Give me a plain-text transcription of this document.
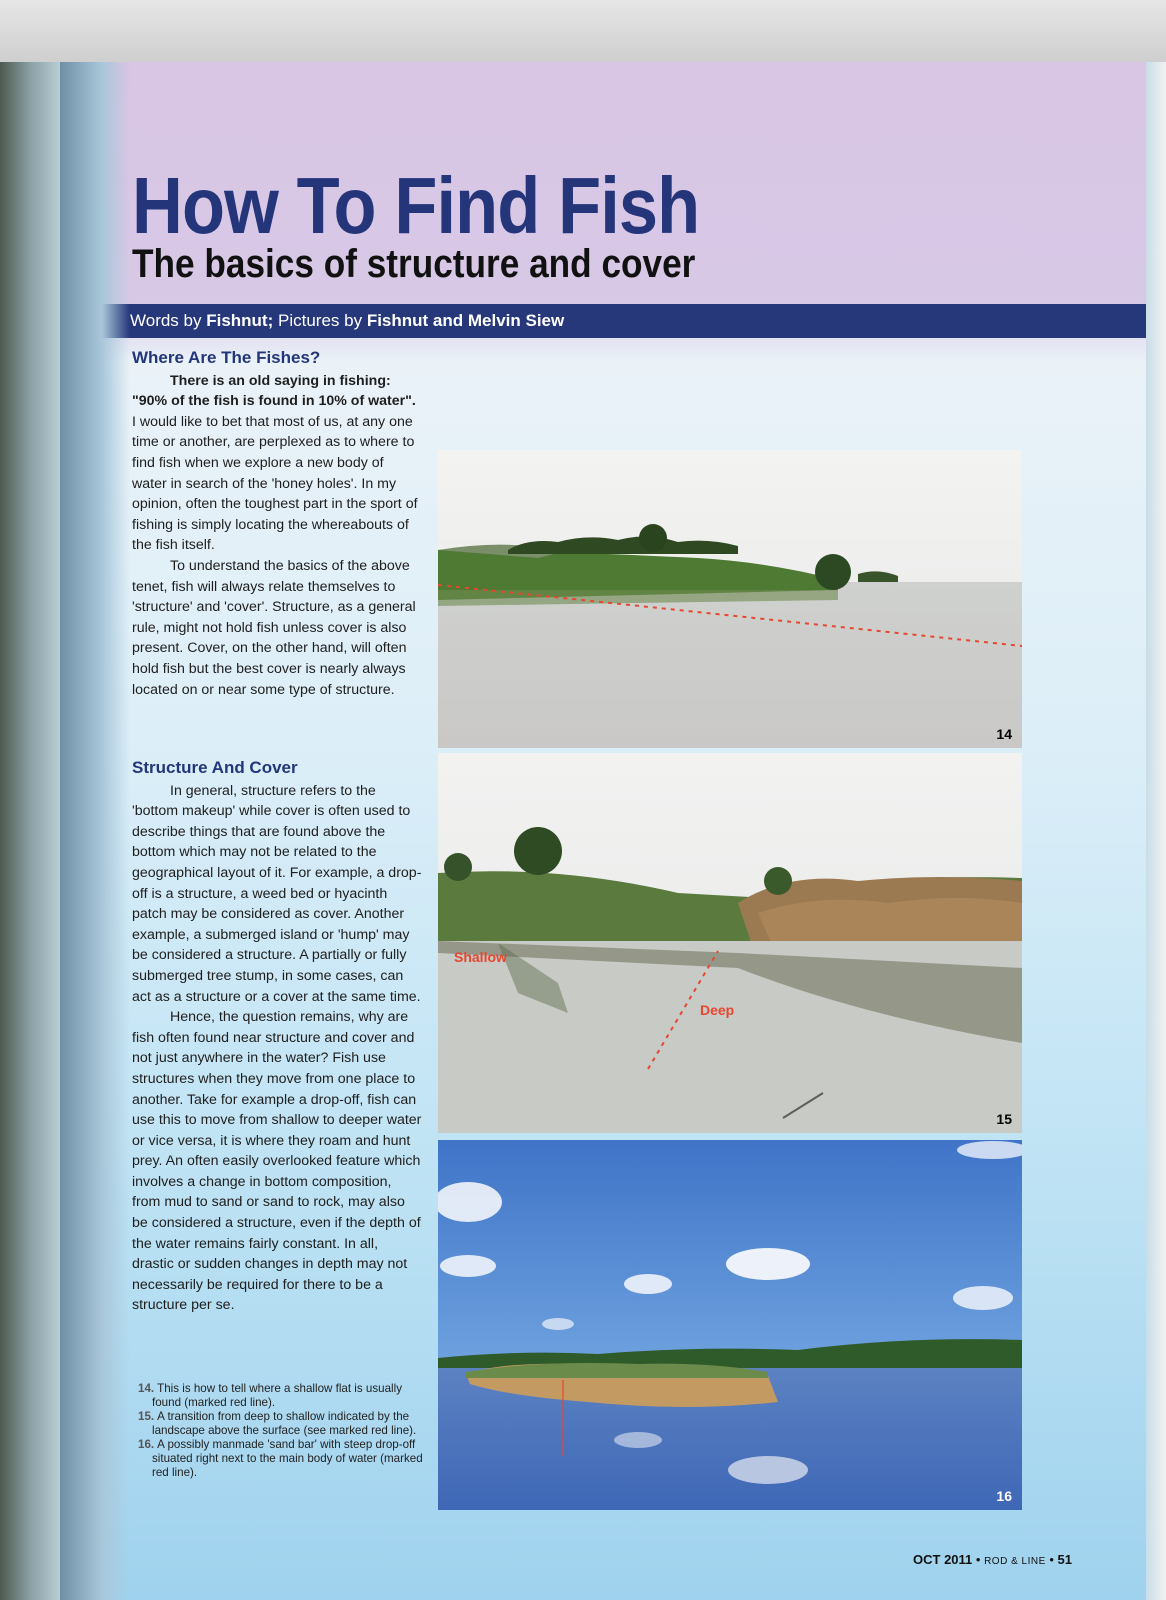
How To Find Fish
The basics of structure and cover
Words by Fishnut; Pictures by Fishnut and Melvin Siew
Where Are The Fishes?

There is an old saying in fishing: "90% of the fish is found in 10% of water". I would like to bet that most of us, at any one time or another, are perplexed as to where to find fish when we explore a new body of water in search of the 'honey holes'. In my opinion, often the toughest part in the sport of fishing is simply locating the whereabouts of the fish itself.

To understand the basics of the above tenet, fish will always relate themselves to 'structure' and 'cover'. Structure, as a general rule, might not hold fish unless cover is also present. Cover, on the other hand, will often hold fish but the best cover is nearly always located on or near some type of structure.

Structure And Cover

In general, structure refers to the 'bottom makeup' while cover is often used to describe things that are found above the bottom which may not be related to the geographical layout of it. For example, a drop-off is a structure, a weed bed or hyacinth patch may be considered as cover. Another example, a submerged island or 'hump' may be considered a structure. A partially or fully submerged tree stump, in some cases, can act as a structure or a cover at the same time.

Hence, the question remains, why are fish often found near structure and cover and not just anywhere in the water? Fish use structures when they move from one place to another. Take for example a drop-off, fish can use this to move from shallow to deeper water or vice versa, it is where they roam and hunt prey. An often easily overlooked feature which involves a change in bottom composition, from mud to sand or sand to rock, may also be considered a structure, even if the depth of the water remains fairly constant. In all, drastic or sudden changes in depth may not necessarily be required for there to be a structure per se.

14. This is how to tell where a shallow flat is usually found (marked red line).
15. A transition from deep to shallow indicated by the landscape above the surface (see marked red line).
16. A possibly manmade 'sand bar' with steep drop-off situated right next to the main body of water (marked red line).
14
Shallow
Deep
15
16
OCT 2011 • ROD & LINE • 51
